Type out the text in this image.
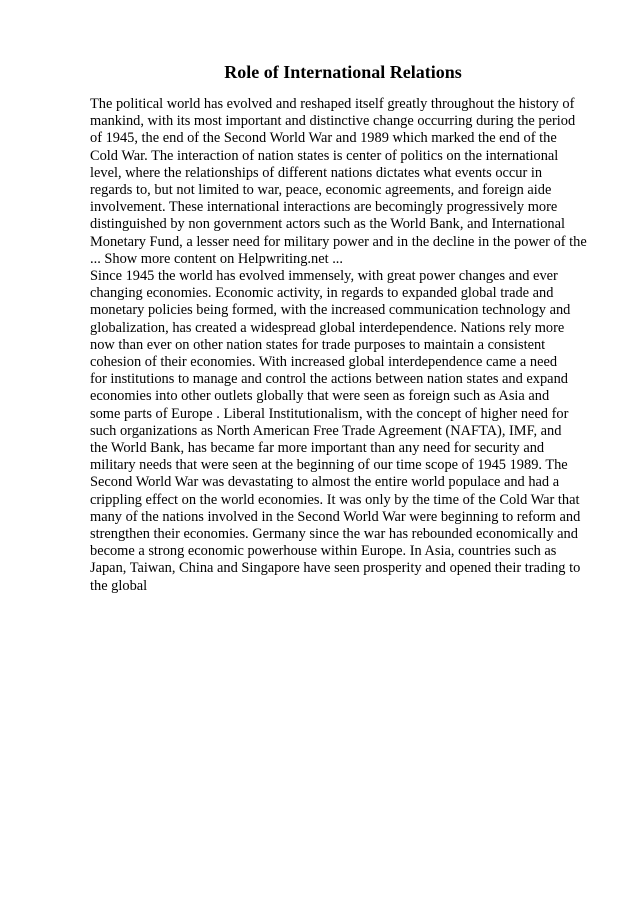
Role of International Relations
The political world has evolved and reshaped itself greatly throughout the history of
mankind, with its most important and distinctive change occurring during the period
of 1945, the end of the Second World War and 1989 which marked the end of the
Cold War. The interaction of nation states is center of politics on the international
level, where the relationships of different nations dictates what events occur in
regards to, but not limited to war, peace, economic agreements, and foreign aide
involvement. These international interactions are becomingly progressively more
distinguished by non government actors such as the World Bank, and International
Monetary Fund, a lesser need for military power and in the decline in the power of the
... Show more content on Helpwriting.net ...
Since 1945 the world has evolved immensely, with great power changes and ever
changing economies. Economic activity, in regards to expanded global trade and
monetary policies being formed, with the increased communication technology and
globalization, has created a widespread global interdependence. Nations rely more
now than ever on other nation states for trade purposes to maintain a consistent
cohesion of their economies. With increased global interdependence came a need
for institutions to manage and control the actions between nation states and expand
economies into other outlets globally that were seen as foreign such as Asia and
some parts of Europe . Liberal Institutionalism, with the concept of higher need for
such organizations as North American Free Trade Agreement (NAFTA), IMF, and
the World Bank, has became far more important than any need for security and
military needs that were seen at the beginning of our time scope of 1945 1989. The
Second World War was devastating to almost the entire world populace and had a
crippling effect on the world economies. It was only by the time of the Cold War that
many of the nations involved in the Second World War were beginning to reform and
strengthen their economies. Germany since the war has rebounded economically and
become a strong economic powerhouse within Europe. In Asia, countries such as
Japan, Taiwan, China and Singapore have seen prosperity and opened their trading to
the global
